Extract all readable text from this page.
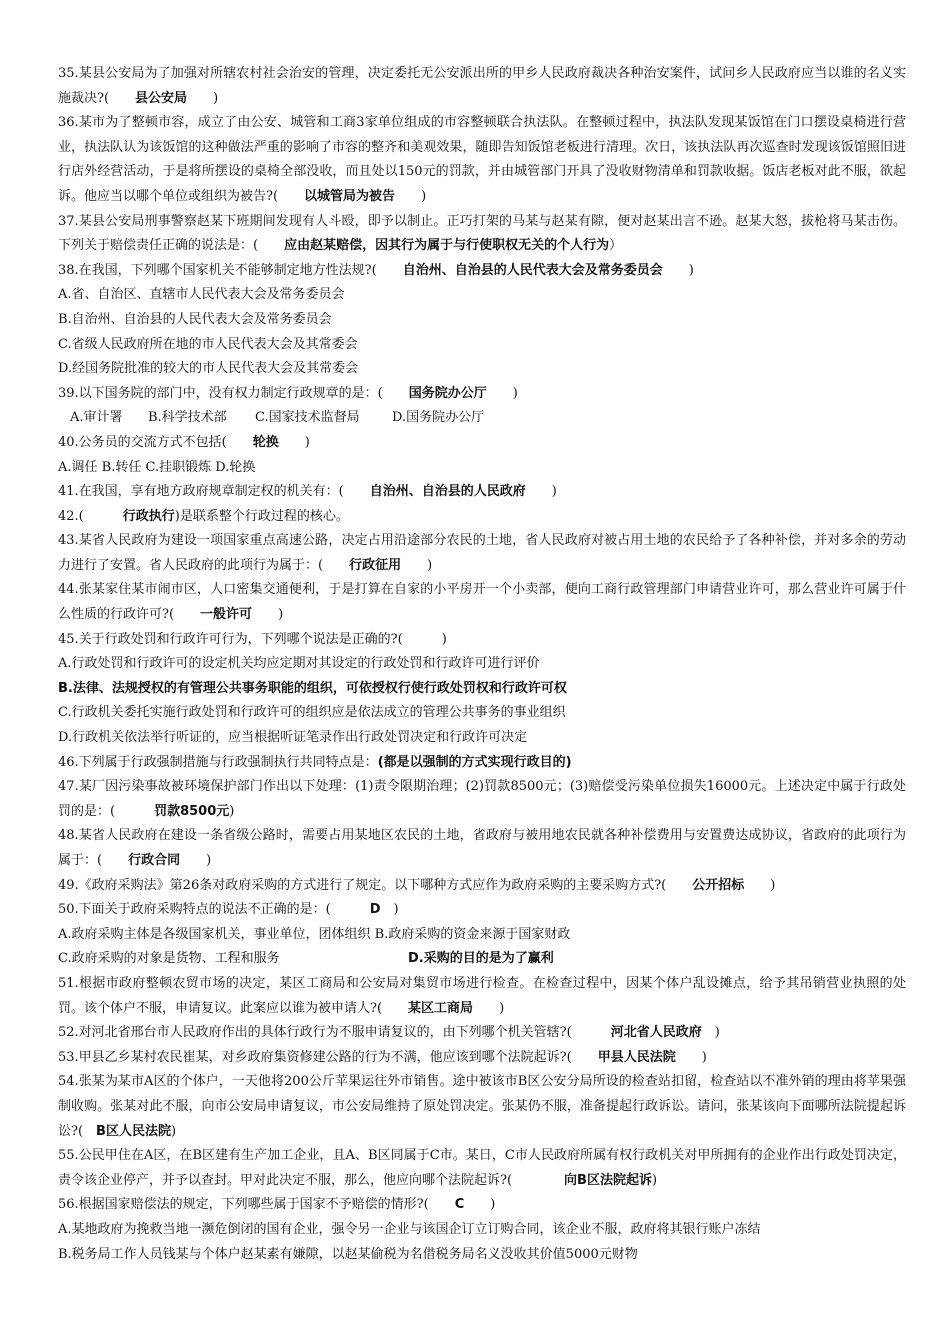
35.某县公安局为了加强对所辖农村社会治安的管理，决定委托无公安派出所的甲乡人民政府裁决各种治安案件，试问乡人民政府应当以谁的名义实施裁决?(　　县公安局　　)

36.某市为了整顿市容，成立了由公安、城管和工商3家单位组成的市容整顿联合执法队。在整顿过程中，执法队发现某饭馆在门口摆设桌椅进行营业，执法队认为该饭馆的这种做法严重的影响了市容的整齐和美观效果，随即告知饭馆老板进行清理。次日，该执法队再次巡查时发现该饭馆照旧进行店外经营活动，于是将所摆设的桌椅全部没收，而且处以150元的罚款，并由城管部门开具了没收财物清单和罚款收据。饭店老板对此不服，欲起诉。他应当以哪个单位或组织为被告?(　　以城管局为被告　　)

37.某县公安局刑事警察赵某下班期间发现有人斗殴，即予以制止。正巧打架的马某与赵某有隙，便对赵某出言不逊。赵某大怒，拔枪将马某击伤。下列关于赔偿责任正确的说法是：(　　应由赵某赔偿，因其行为属于与行使职权无关的个人行为）

38.在我国，下列哪个国家机关不能够制定地方性法规?(　　自治州、自治县的人民代表大会及常务委员会　　)

A.省、自治区、直辖市人民代表大会及常务委员会

B.自治州、自治县的人民代表大会及常务委员会

C.省级人民政府所在地的市人民代表大会及其常委会

D.经国务院批准的较大的市人民代表大会及其常委会

39.以下国务院的部门中，没有权力制定行政规章的是：(　　国务院办公厅　　)

A.审计署 B.科学技术部 C.国家技术监督局 D.国务院办公厅

40.公务员的交流方式不包括(　　轮换　　)

A.调任 B.转任 C.挂职锻炼 D.轮换

41.在我国，享有地方政府规章制定权的机关有：(　　自治州、自治县的人民政府　　)

42.(　　　行政执行)是联系整个行政过程的核心。

43.某省人民政府为建设一项国家重点高速公路，决定占用沿途部分农民的土地，省人民政府对被占用土地的农民给予了各种补偿，并对多余的劳动力进行了安置。省人民政府的此项行为属于：(　　行政征用　　)

44.张某家住某市闹市区，人口密集交通便利，于是打算在自家的小平房开一个小卖部，便向工商行政管理部门申请营业许可，那么营业许可属于什么性质的行政许可?(　　一般许可　　)

45.关于行政处罚和行政许可行为，下列哪个说法是正确的?(　　　)

A.行政处罚和行政许可的设定机关均应定期对其设定的行政处罚和行政许可进行评价

B.法律、法规授权的有管理公共事务职能的组织，可依授权行使行政处罚权和行政许可权

C.行政机关委托实施行政处罚和行政许可的组织应是依法成立的管理公共事务的事业组织

D.行政机关依法举行听证的，应当根据听证笔录作出行政处罚决定和行政许可决定

46.下列属于行政强制措施与行政强制执行共同特点是：(都是以强制的方式实现行政目的)

47.某厂因污染事故被环境保护部门作出以下处理：(1)责令限期治理；(2)罚款8500元；(3)赔偿受污染单位损失16000元。上述决定中属于行政处罚的是：(　　　罚款8500元)

48.某省人民政府在建设一条省级公路时，需要占用某地区农民的土地，省政府与被用地农民就各种补偿费用与安置费达成协议，省政府的此项行为属于：(　　行政合同　　)

49.《政府采购法》第26条对政府采购的方式进行了规定。以下哪种方式应作为政府采购的主要采购方式?(　　公开招标　　)

50.下面关于政府采购特点的说法不正确的是：(　　　D　)

A.政府采购主体是各级国家机关，事业单位，团体组织 B.政府采购的资金来源于国家财政

C.政府采购的对象是货物、工程和服务	D.采购的目的是为了赢利

51.根据市政府整顿农贸市场的决定，某区工商局和公安局对集贸市场进行检查。在检查过程中，因某个体户乱设摊点，给予其吊销营业执照的处罚。该个体户不服，申请复议。此案应以谁为被申请人?(　　某区工商局　　)

52.对河北省邢台市人民政府作出的具体行政行为不服申请复议的，由下列哪个机关管辖?(　　　河北省人民政府　)

53.甲县乙乡某村农民崔某，对乡政府集资修建公路的行为不满，他应该到哪个法院起诉?(　　甲县人民法院　　)

54.张某为某市A区的个体户，一天他将200公斤苹果运往外市销售。途中被该市B区公安分局所设的检查站扣留，检查站以不准外销的理由将苹果强制收购。张某对此不服，向市公安局申请复议，市公安局维持了原处罚决定。张某仍不服，准备提起行政诉讼。请问，张某该向下面哪所法院提起诉讼?(　B区人民法院)

55.公民甲住在A区，在B区建有生产加工企业，且A、B区同属于C市。某日，C市人民政府所属有权行政机关对甲所拥有的企业作出行政处罚决定，责令该企业停产，并予以查封。甲对此决定不服，那么，他应向哪个法院起诉?(　　　　向B区法院起诉)

56.根据国家赔偿法的规定，下列哪些属于国家不予赔偿的情形?(　　C　　)

A.某地政府为挽救当地一濒危倒闭的国有企业，强令另一企业与该国企订立订购合同，该企业不服，政府将其银行账户冻结

B.税务局工作人员钱某与个体户赵某素有嫌隙，以赵某偷税为名借税务局名义没收其价值5000元财物
